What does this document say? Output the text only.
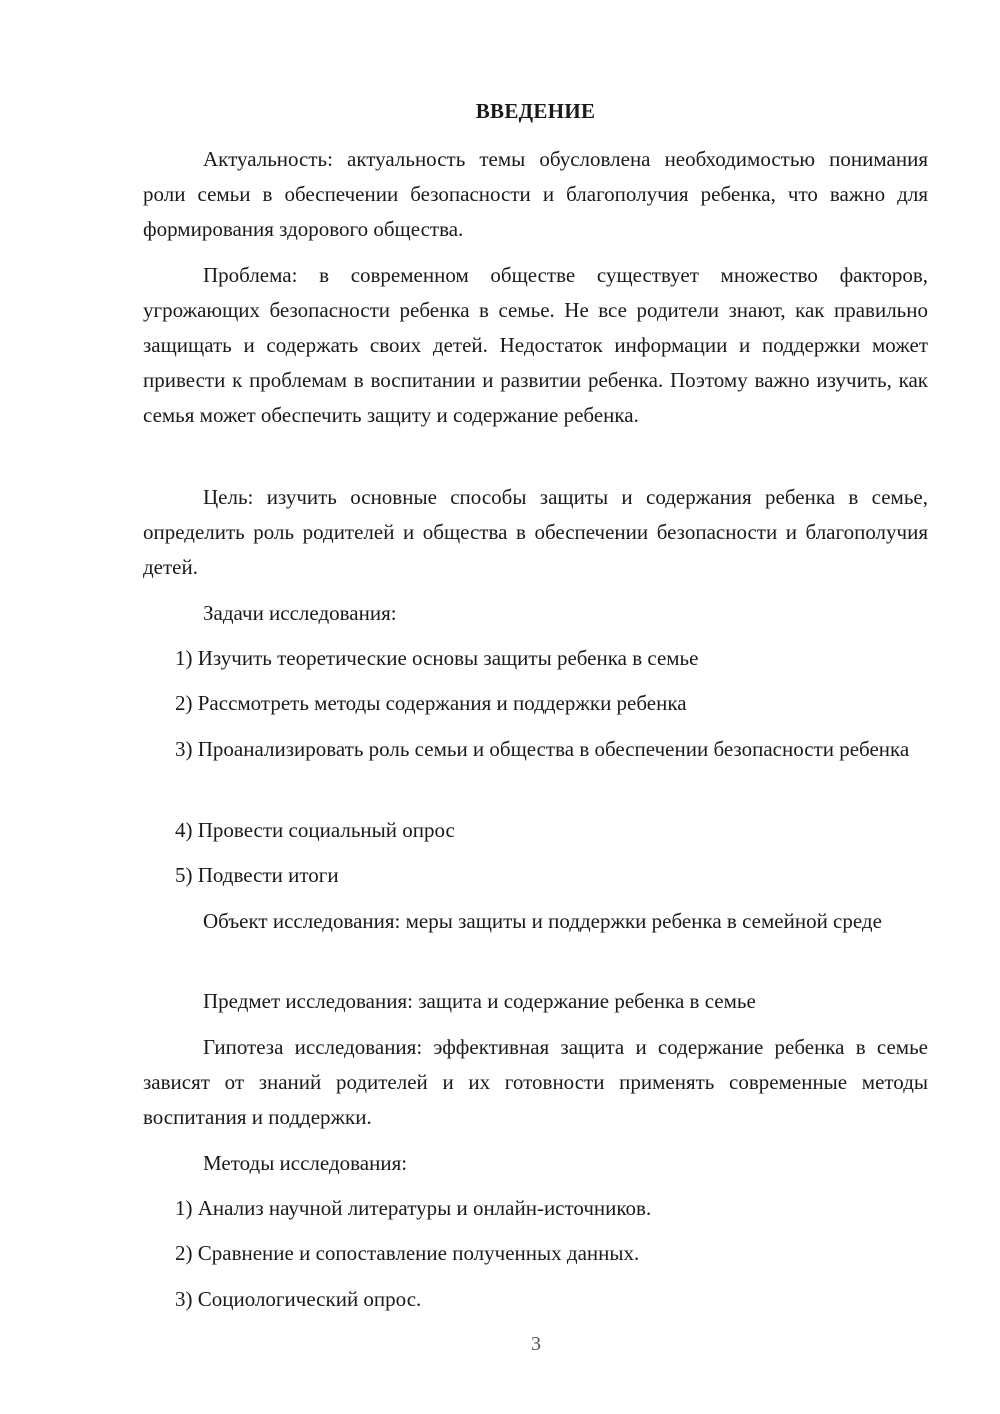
ВВЕДЕНИЕ

Актуальность: актуальность темы обусловлена необходимостью понимания роли семьи в обеспечении безопасности и благополучия ребенка, что важно для формирования здорового общества.

Проблема: в современном обществе существует множество факторов, угрожающих безопасности ребенка в семье. Не все родители знают, как правильно защищать и содержать своих детей. Недостаток информации и поддержки может привести к проблемам в воспитании и развитии ребенка. Поэтому важно изучить, как семья может обеспечить защиту и содержание ребенка.

Цель: изучить основные способы защиты и содержания ребенка в семье, определить роль родителей и общества в обеспечении безопасности и благополучия детей.

Задачи исследования:

1) Изучить теоретические основы защиты ребенка в семье

2) Рассмотреть методы содержания и поддержки ребенка

3) Проанализировать роль семьи и общества в обеспечении безопасности ребенка

4) Провести социальный опрос

5) Подвести итоги

Объект исследования: меры защиты и поддержки ребенка в семейной среде

Предмет исследования: защита и содержание ребенка в семье

Гипотеза исследования: эффективная защита и содержание ребенка в семье зависят от знаний родителей и их готовности применять современные методы воспитания и поддержки.

Методы исследования:

1) Анализ научной литературы и онлайн-источников.

2) Сравнение и сопоставление полученных данных.

3) Социологический опрос.

3
